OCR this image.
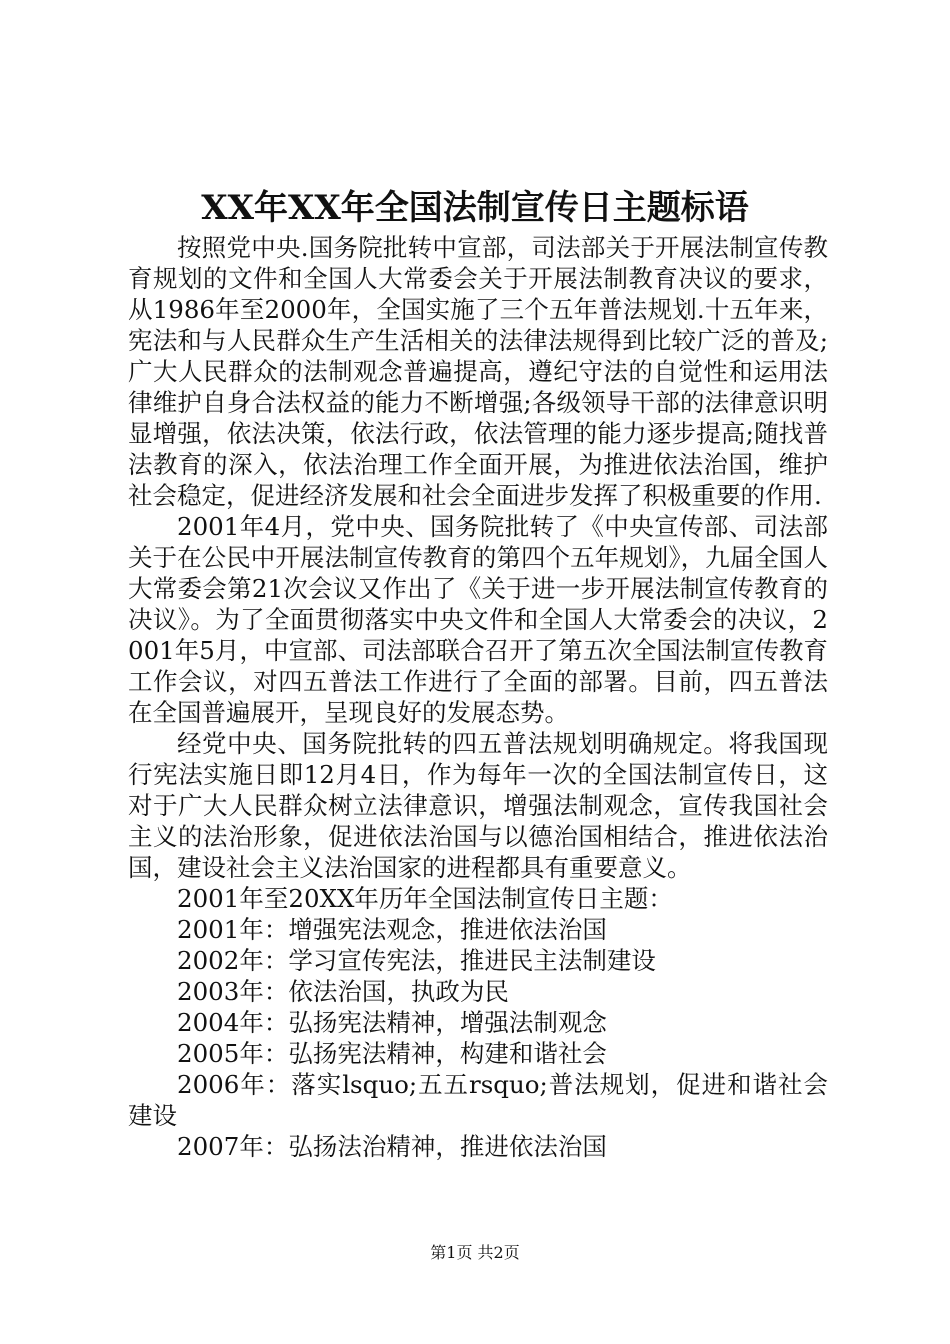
XX年XX年全国法制宣传日主题标语

按照党中央.国务院批转中宣部，司法部关于开展法制宣传教育规划的文件和全国人大常委会关于开展法制教育决议的要求，从1986年至2000年，全国实施了三个五年普法规划.十五年来，宪法和与人民群众生产生活相关的法律法规得到比较广泛的普及;广大人民群众的法制观念普遍提高，遵纪守法的自觉性和运用法律维护自身合法权益的能力不断增强;各级领导干部的法律意识明显增强，依法决策，依法行政，依法管理的能力逐步提高;随找普法教育的深入，依法治理工作全面开展，为推进依法治国，维护社会稳定，促进经济发展和社会全面进步发挥了积极重要的作用.

2001年4月，党中央、国务院批转了《中央宣传部、司法部关于在公民中开展法制宣传教育的第四个五年规划》，九届全国人大常委会第21次会议又作出了《关于进一步开展法制宣传教育的决议》。为了全面贯彻落实中央文件和全国人大常委会的决议，2001年5月，中宣部、司法部联合召开了第五次全国法制宣传教育工作会议，对四五普法工作进行了全面的部署。目前，四五普法在全国普遍展开，呈现良好的发展态势。

经党中央、国务院批转的四五普法规划明确规定。将我国现行宪法实施日即12月4日，作为每年一次的全国法制宣传日，这对于广大人民群众树立法律意识，增强法制观念，宣传我国社会主义的法治形象，促进依法治国与以德治国相结合，推进依法治国，建设社会主义法治国家的进程都具有重要意义。

2001年至20XX年历年全国法制宣传日主题：

2001年：增强宪法观念，推进依法治国

2002年：学习宣传宪法，推进民主法制建设

2003年：依法治国，执政为民

2004年：弘扬宪法精神，增强法制观念

2005年：弘扬宪法精神，构建和谐社会

2006年：落实lsquo;五五rsquo;普法规划，促进和谐社会建设

2007年：弘扬法治精神，推进依法治国

第1页 共2页
